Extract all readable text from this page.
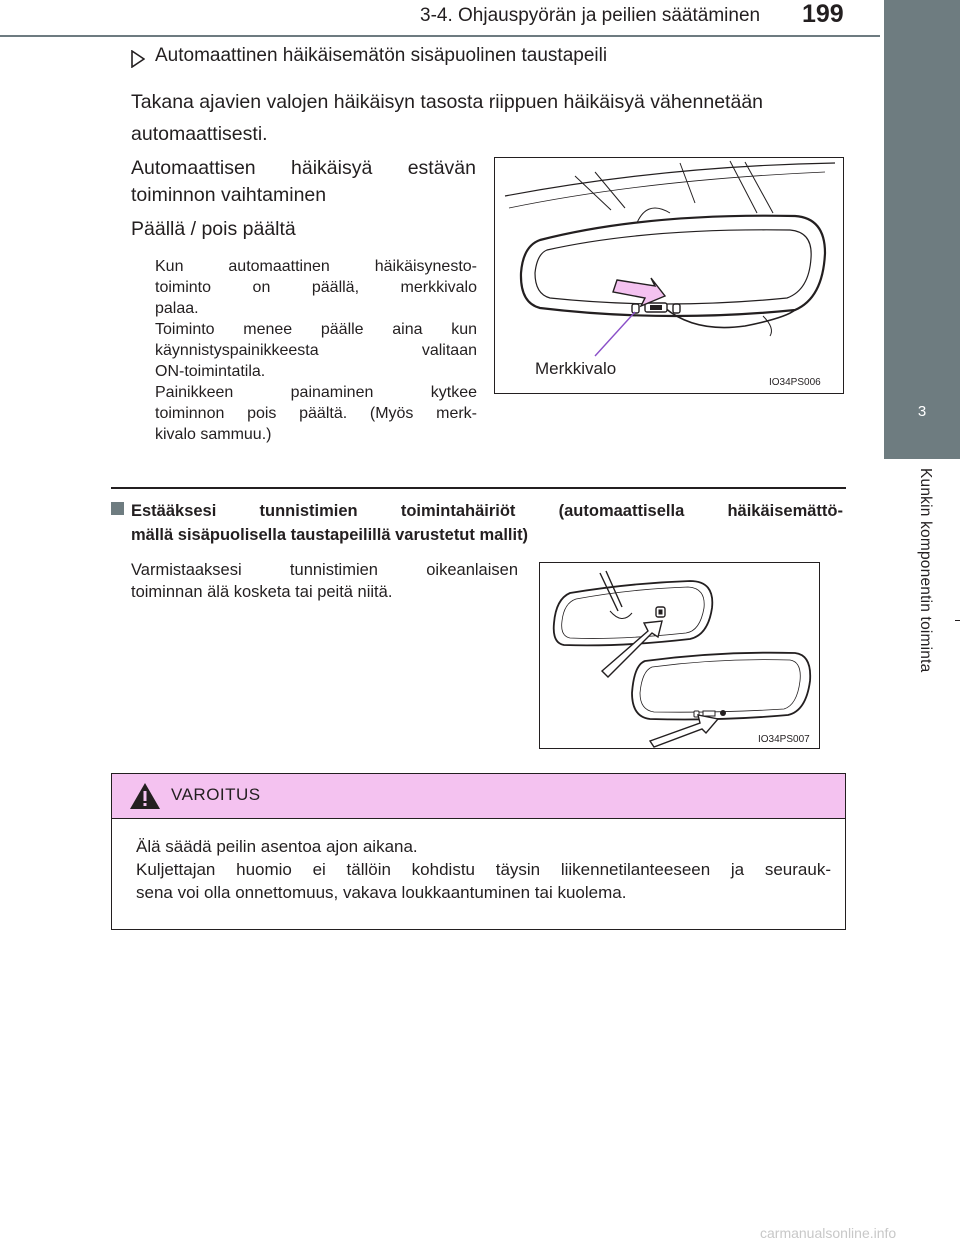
3-4. Ohjauspyörän ja peilien säätäminen 199
3
Kunkin komponentin toiminta
Automaattinen häikäisemätön sisäpuolinen taustapeili
Takana ajavien valojen häikäisyn tasosta riippuen häikäisyä vähennetään automaattisesti.
Automaattisen häikäisyä estävän
toiminnon vaihtaminen
Päällä / pois päältä
Kun automaattinen häikäisynesto-
toiminto on päällä, merkkivalo
palaa.
Toiminto menee päälle aina kun
käynnistyspainikkeesta valitaan
ON-toimintatila.
Painikkeen painaminen kytkee
toiminnon pois päältä. (Myös merk-
kivalo sammuu.)
Merkkivalo
IO34PS006
Estääksesi tunnistimien toimintahäiriöt (automaattisella häikäisemättö-
mällä sisäpuolisella taustapeilillä varustetut mallit)
Varmistaaksesi tunnistimien oikeanlaisen
toiminnan älä kosketa tai peitä niitä.
IO34PS007
VAROITUS
Älä säädä peilin asentoa ajon aikana.
Kuljettajan huomio ei tällöin kohdistu täysin liikennetilanteeseen ja seurauk-
sena voi olla onnettomuus, vakava loukkaantuminen tai kuolema.
carmanualsonline.info
